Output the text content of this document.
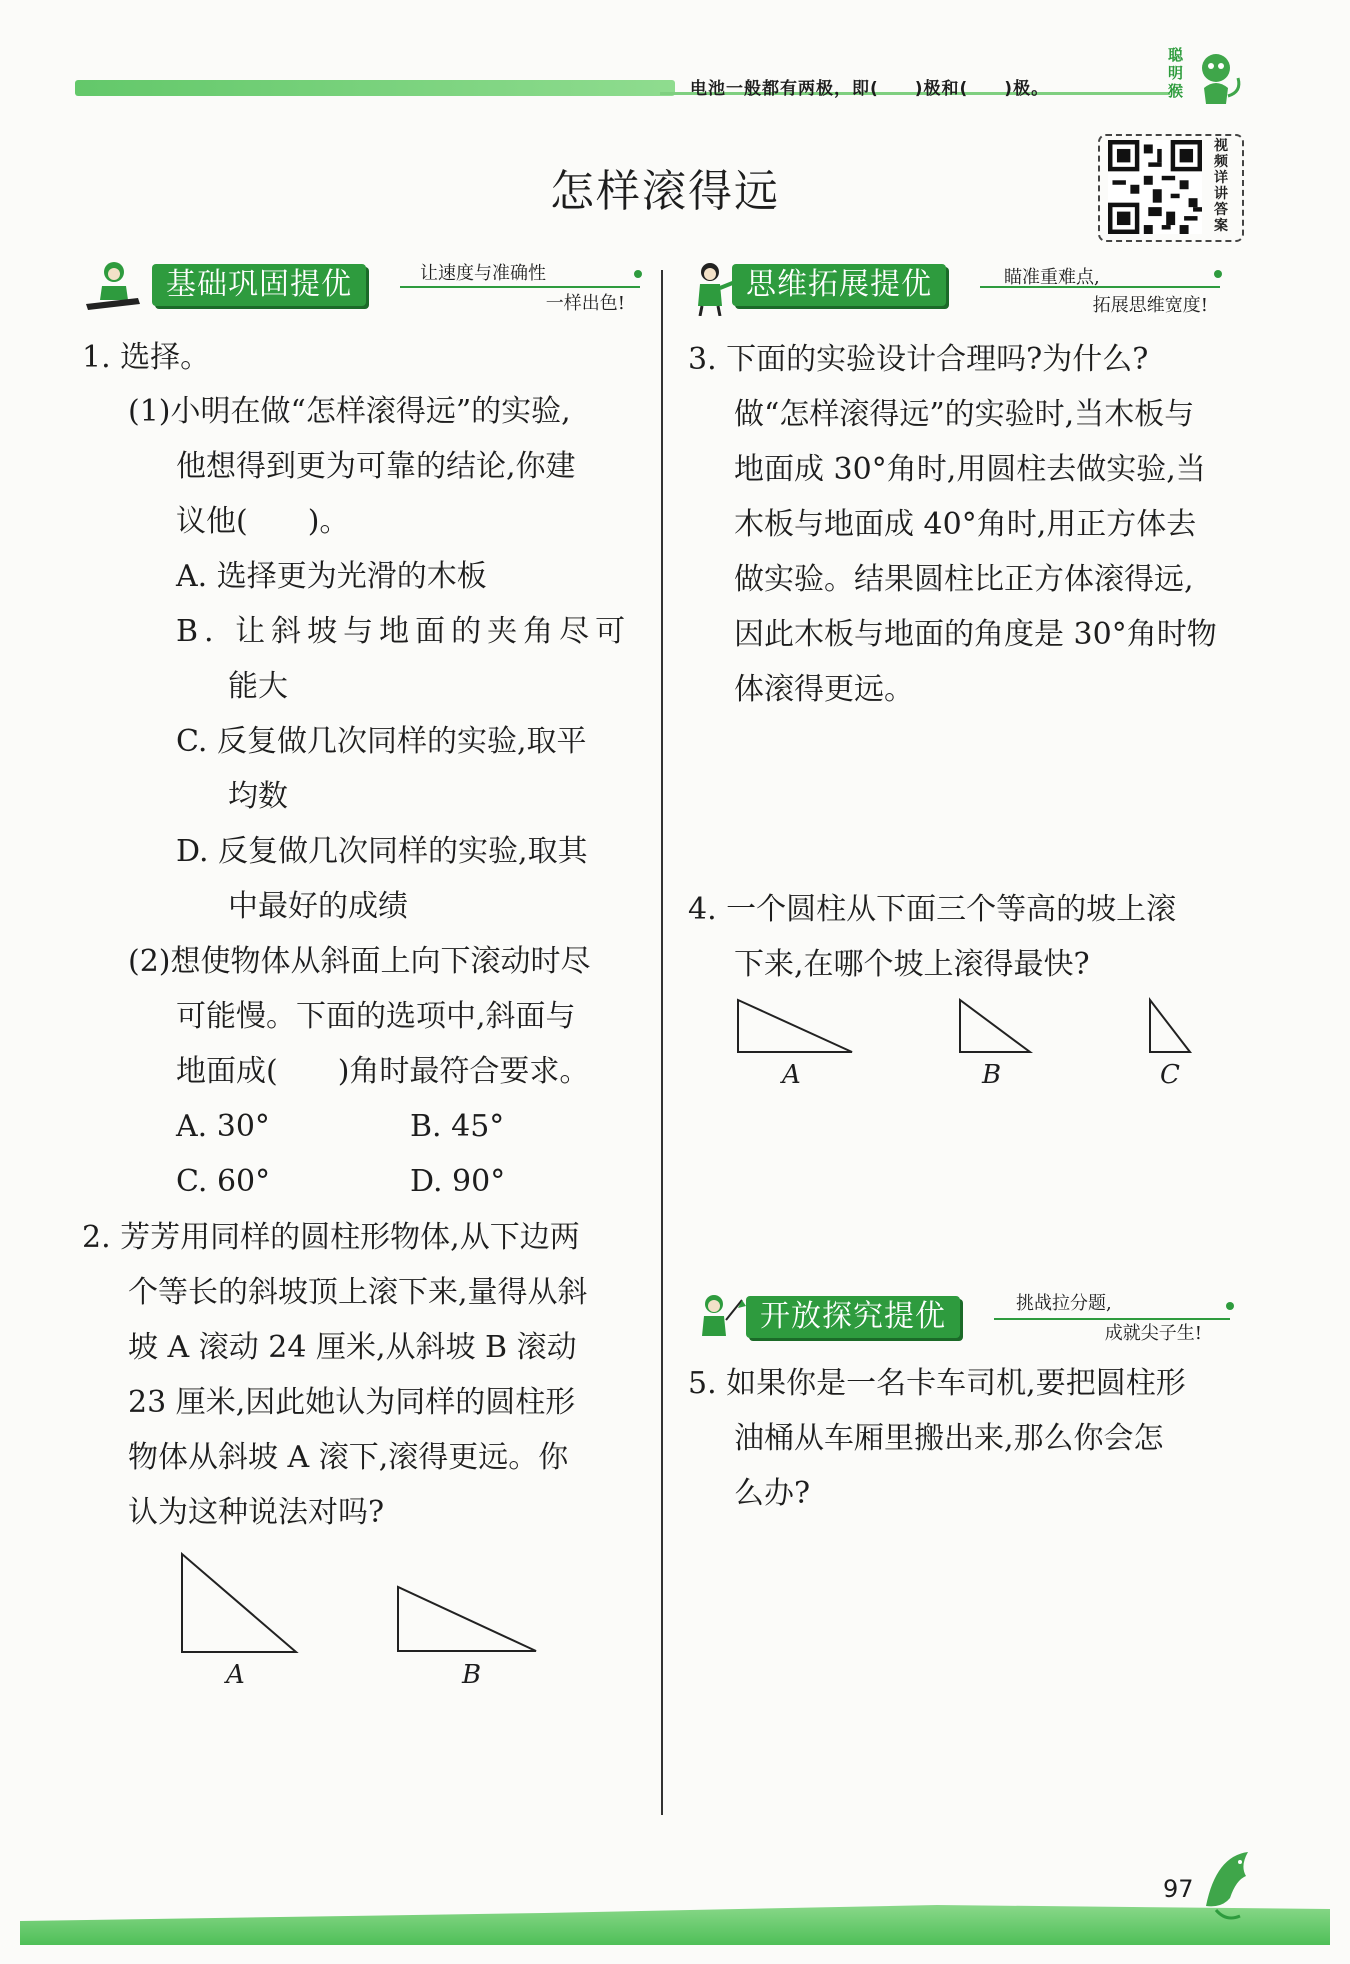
电池一般都有两极，即(　　)极和(　　)极。
聪明猴
怎样滚得远
视频详讲答案
基础巩固提优	让速度与准确性
一样出色!
思维拓展提优	瞄准重难点,
拓展思维宽度!
1. 选择。
(1)小明在做“怎样滚得远”的实验,
他想得到更为可靠的结论,你建
议他(　　)。
A. 选择更为光滑的木板
B. 让斜坡与地面的夹角尽可
能大
C. 反复做几次同样的实验,取平
均数
D. 反复做几次同样的实验,取其
中最好的成绩
(2)想使物体从斜面上向下滚动时尽
可能慢。下面的选项中,斜面与
地面成(　　)角时最符合要求。
A. 30°	B. 45°
C. 60°	D. 90°
2. 芳芳用同样的圆柱形物体,从下边两
个等长的斜坡顶上滚下来,量得从斜
坡 A 滚动 24 厘米,从斜坡 B 滚动
23 厘米,因此她认为同样的圆柱形
物体从斜坡 A 滚下,滚得更远。你
认为这种说法对吗?
A	B
3. 下面的实验设计合理吗?为什么?
做“怎样滚得远”的实验时,当木板与
地面成 30°角时,用圆柱去做实验,当
木板与地面成 40°角时,用正方体去
做实验。结果圆柱比正方体滚得远,
因此木板与地面的角度是 30°角时物
体滚得更远。
4. 一个圆柱从下面三个等高的坡上滚
下来,在哪个坡上滚得最快?
A	B	C
开放探究提优	挑战拉分题,
成就尖子生!
5. 如果你是一名卡车司机,要把圆柱形
油桶从车厢里搬出来,那么你会怎
么办?
97
